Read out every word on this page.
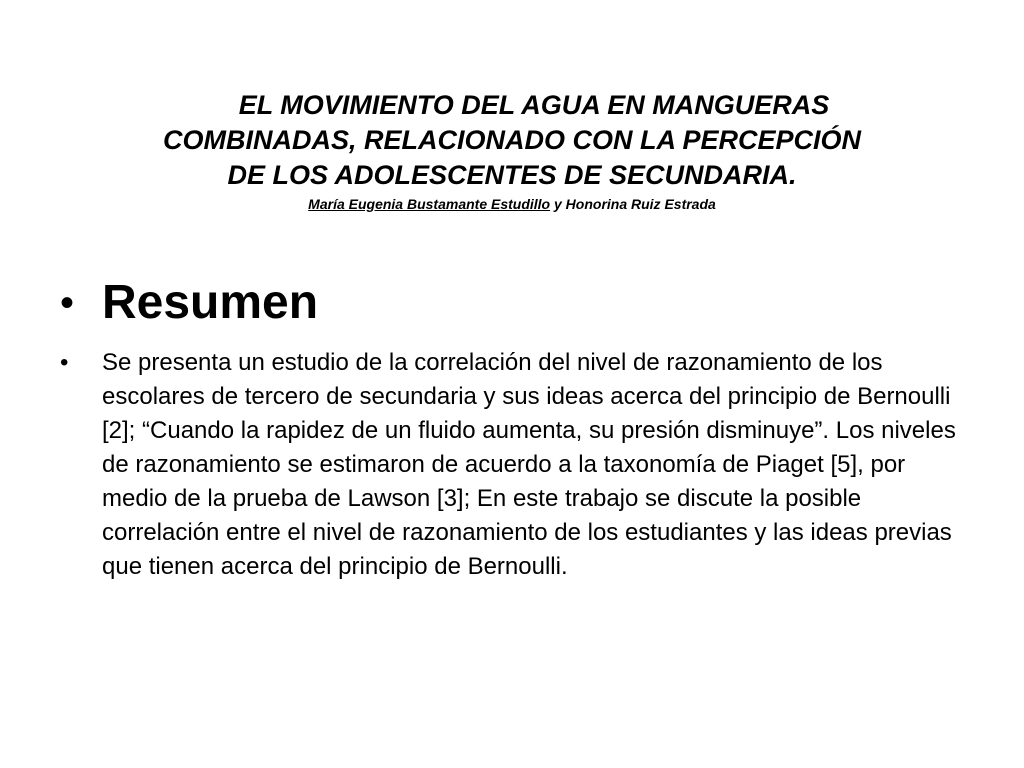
EL MOVIMIENTO DEL AGUA EN MANGUERAS
COMBINADAS, RELACIONADO CON LA PERCEPCIÓN
DE LOS ADOLESCENTES DE SECUNDARIA.
María Eugenia Bustamante Estudillo y Honorina Ruiz Estrada
• Resumen
•	Se presenta un estudio de la correlación del nivel de razonamiento de los escolares de tercero de secundaria y sus ideas acerca del principio de Bernoulli [2]; “Cuando la rapidez de un fluido aumenta, su presión disminuye”. Los niveles de razonamiento se estimaron de acuerdo a la taxonomía de Piaget [5], por medio de la prueba de Lawson [3]; En este trabajo se discute la posible correlación entre el nivel de razonamiento de los estudiantes y las ideas previas que tienen acerca del principio de Bernoulli.
